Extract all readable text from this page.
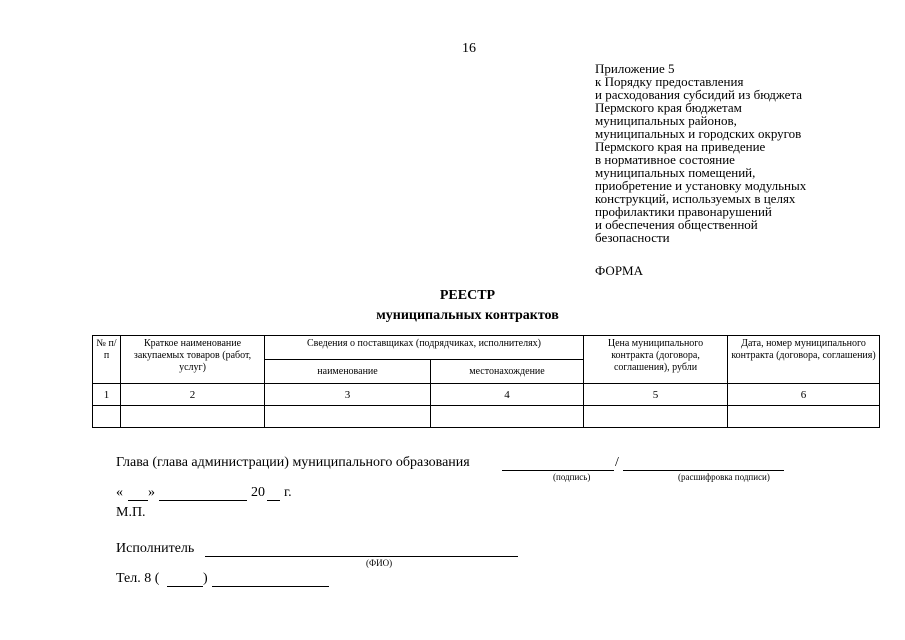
16
Приложение 5
к Порядку предоставления
и расходования субсидий из бюджета
Пермского края бюджетам
муниципальных районов,
муниципальных и городских округов
Пермского края на приведение
в нормативное состояние
муниципальных помещений,
приобретение и установку модульных
конструкций, используемых в целях
профилактики правонарушений
и обеспечения общественной
безопасности
ФОРМА
РЕЕСТР
муниципальных контрактов
№ п/п	Краткое наименование закупаемых товаров (работ, услуг)	Сведения о поставщиках (подрядчиках, исполнителях)		Цена муниципального контракта (договора, соглашения), рубли	Дата, номер муниципального контракта (договора, соглашения)
		наименование	местонахождение		
1	2	3	4	5	6

Глава (глава администрации) муниципального образования	/
(подпись)	(расшифровка подписи)
« »	20 г.
М.П.
Исполнитель
(ФИО)
Тел. 8 (	)
